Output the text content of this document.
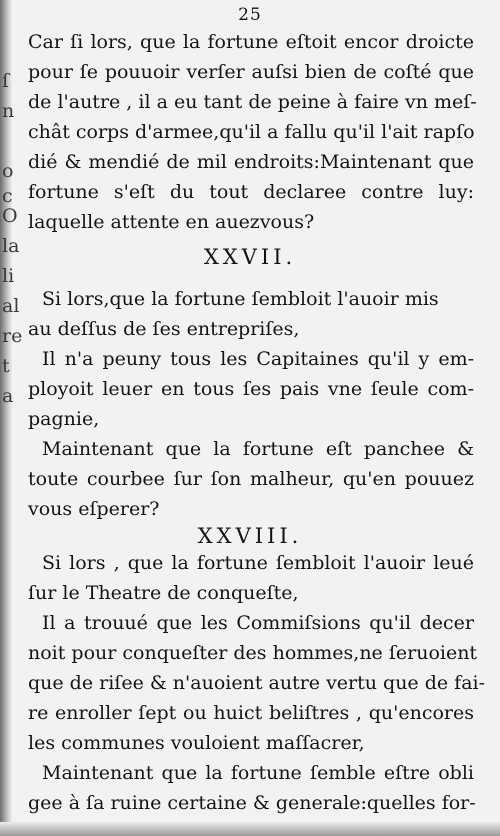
ſ
n
o
c
O
la
li
al
re
t
a
25
Car ſi lors, que la fortune eſtoit encor droicte
pour ſe pouuoir verſer auſsi bien de coſté que
de l'autre , il a eu tant de peine à faire vn meſ-
chât corps d'armee,qu'il a fallu qu'il l'ait rapſo
dié & mendié de mil endroits:Maintenant que
fortune s'eſt du tout declaree contre luy:
laquelle attente en auezvous?
XXVII.
Si lors,que la fortune ſembloit l'auoir mis
au deſſus de ſes entrepriſes,
Il n'a peuny tous les Capitaines qu'il y em-
ployoit leuer en tous ſes pais vne ſeule com-
pagnie,
Maintenant que la fortune eſt panchee &
toute courbee ſur ſon malheur, qu'en pouuez
vous eſperer?
XXVIII.
Si lors , que la fortune ſembloit l'auoir leué
ſur le Theatre de conqueſte,
Il a trouué que les Commiſsions qu'il decer
noit pour conqueſter des hommes,ne ſeruoient
que de riſee & n'auoient autre vertu que de fai-
re enroller ſept ou huict beliſtres , qu'encores
les communes vouloient maſſacrer,
Maintenant que la fortune ſemble eſtre obli
gee à ſa ruine certaine & generale:quelles for-
